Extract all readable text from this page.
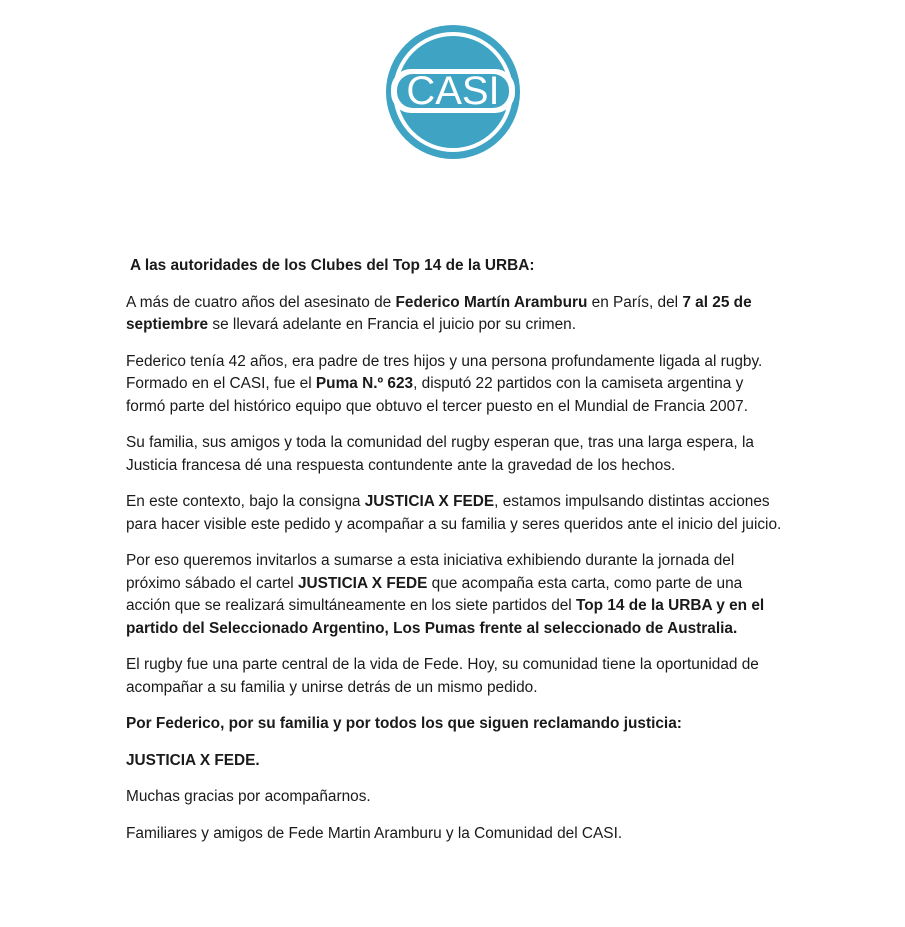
CASI

A las autoridades de los Clubes del Top 14 de la URBA:

A más de cuatro años del asesinato de Federico Martín Aramburu en París, del 7 al 25 de septiembre se llevará adelante en Francia el juicio por su crimen.

Federico tenía 42 años, era padre de tres hijos y una persona profundamente ligada al rugby. Formado en el CASI, fue el Puma N.º 623, disputó 22 partidos con la camiseta argentina y formó parte del histórico equipo que obtuvo el tercer puesto en el Mundial de Francia 2007.

Su familia, sus amigos y toda la comunidad del rugby esperan que, tras una larga espera, la Justicia francesa dé una respuesta contundente ante la gravedad de los hechos.

En este contexto, bajo la consigna JUSTICIA X FEDE, estamos impulsando distintas acciones para hacer visible este pedido y acompañar a su familia y seres queridos ante el inicio del juicio.

Por eso queremos invitarlos a sumarse a esta iniciativa exhibiendo durante la jornada del próximo sábado el cartel JUSTICIA X FEDE que acompaña esta carta, como parte de una acción que se realizará simultáneamente en los siete partidos del Top 14 de la URBA y en el partido del Seleccionado Argentino, Los Pumas frente al seleccionado de Australia.

El rugby fue una parte central de la vida de Fede. Hoy, su comunidad tiene la oportunidad de acompañar a su familia y unirse detrás de un mismo pedido.

Por Federico, por su familia y por todos los que siguen reclamando justicia:

JUSTICIA X FEDE.

Muchas gracias por acompañarnos.

Familiares y amigos de Fede Martin Aramburu y la Comunidad del CASI.
